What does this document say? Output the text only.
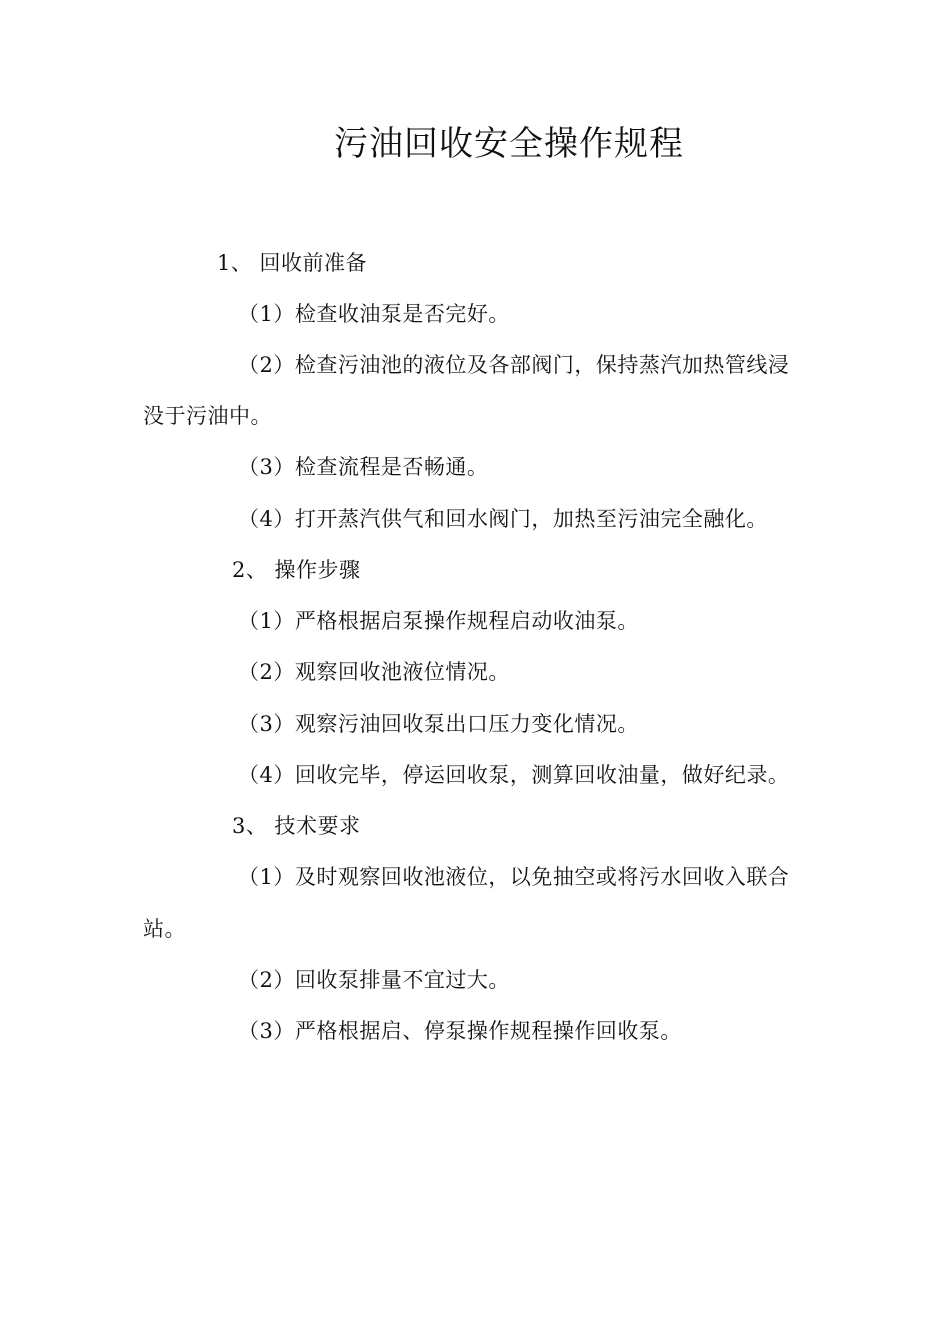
污油回收安全操作规程
1、 回收前准备
（1）检查收油泵是否完好。
（2）检查污油池的液位及各部阀门，保持蒸汽加热管线浸
没于污油中。
（3）检查流程是否畅通。
（4）打开蒸汽供气和回水阀门，加热至污油完全融化。
2、 操作步骤
（1）严格根据启泵操作规程启动收油泵。
（2）观察回收池液位情况。
（3）观察污油回收泵出口压力变化情况。
（4）回收完毕，停运回收泵，测算回收油量，做好纪录。
3、 技术要求
（1）及时观察回收池液位，以免抽空或将污水回收入联合
站。
（2）回收泵排量不宜过大。
（3）严格根据启、停泵操作规程操作回收泵。
